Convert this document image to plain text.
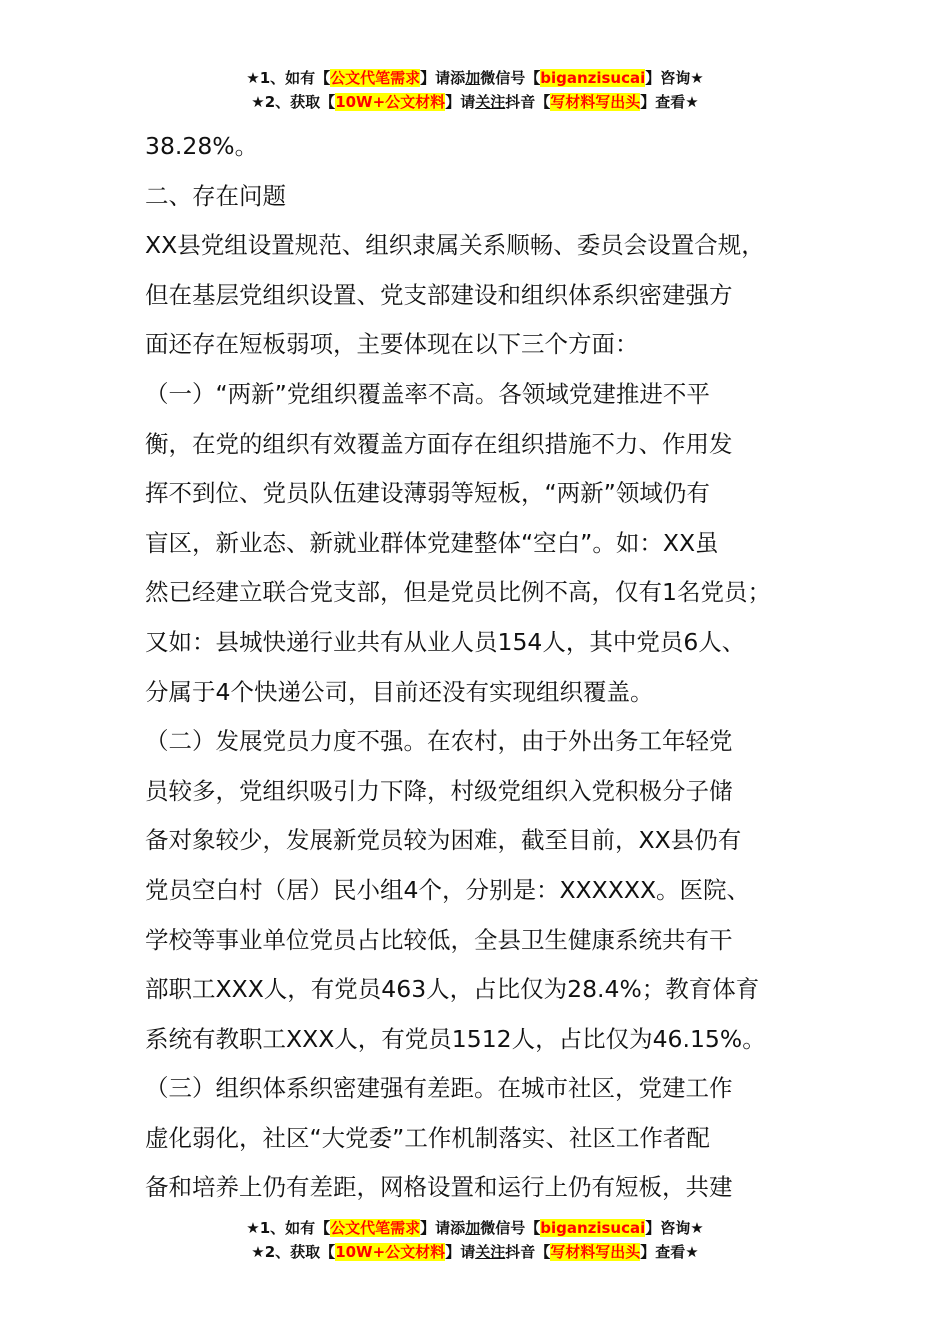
★1、如有【公文代笔需求】请添加微信号【biganzisucai】咨询★
★2、获取【10W+公文材料】请关注抖音【写材料写出头】查看★
38.28%。
二、存在问题
XX县党组设置规范、组织隶属关系顺畅、委员会设置合规，
但在基层党组织设置、党支部建设和组织体系织密建强方
面还存在短板弱项，主要体现在以下三个方面：
（一）“两新”党组织覆盖率不高。各领域党建推进不平
衡，在党的组织有效覆盖方面存在组织措施不力、作用发
挥不到位、党员队伍建设薄弱等短板，“两新”领域仍有
盲区，新业态、新就业群体党建整体“空白”。如：XX虽
然已经建立联合党支部，但是党员比例不高，仅有1名党员；
又如：县城快递行业共有从业人员154人，其中党员6人、
分属于4个快递公司，目前还没有实现组织覆盖。
（二）发展党员力度不强。在农村，由于外出务工年轻党
员较多，党组织吸引力下降，村级党组织入党积极分子储
备对象较少，发展新党员较为困难，截至目前，XX县仍有
党员空白村（居）民小组4个，分别是：XXXXXX。医院、
学校等事业单位党员占比较低，全县卫生健康系统共有干
部职工XXX人，有党员463人，占比仅为28.4%；教育体育
系统有教职工XXX人，有党员1512人，占比仅为46.15%。
（三）组织体系织密建强有差距。在城市社区，党建工作
虚化弱化，社区“大党委”工作机制落实、社区工作者配
备和培养上仍有差距，网格设置和运行上仍有短板，共建
★1、如有【公文代笔需求】请添加微信号【biganzisucai】咨询★
★2、获取【10W+公文材料】请关注抖音【写材料写出头】查看★
